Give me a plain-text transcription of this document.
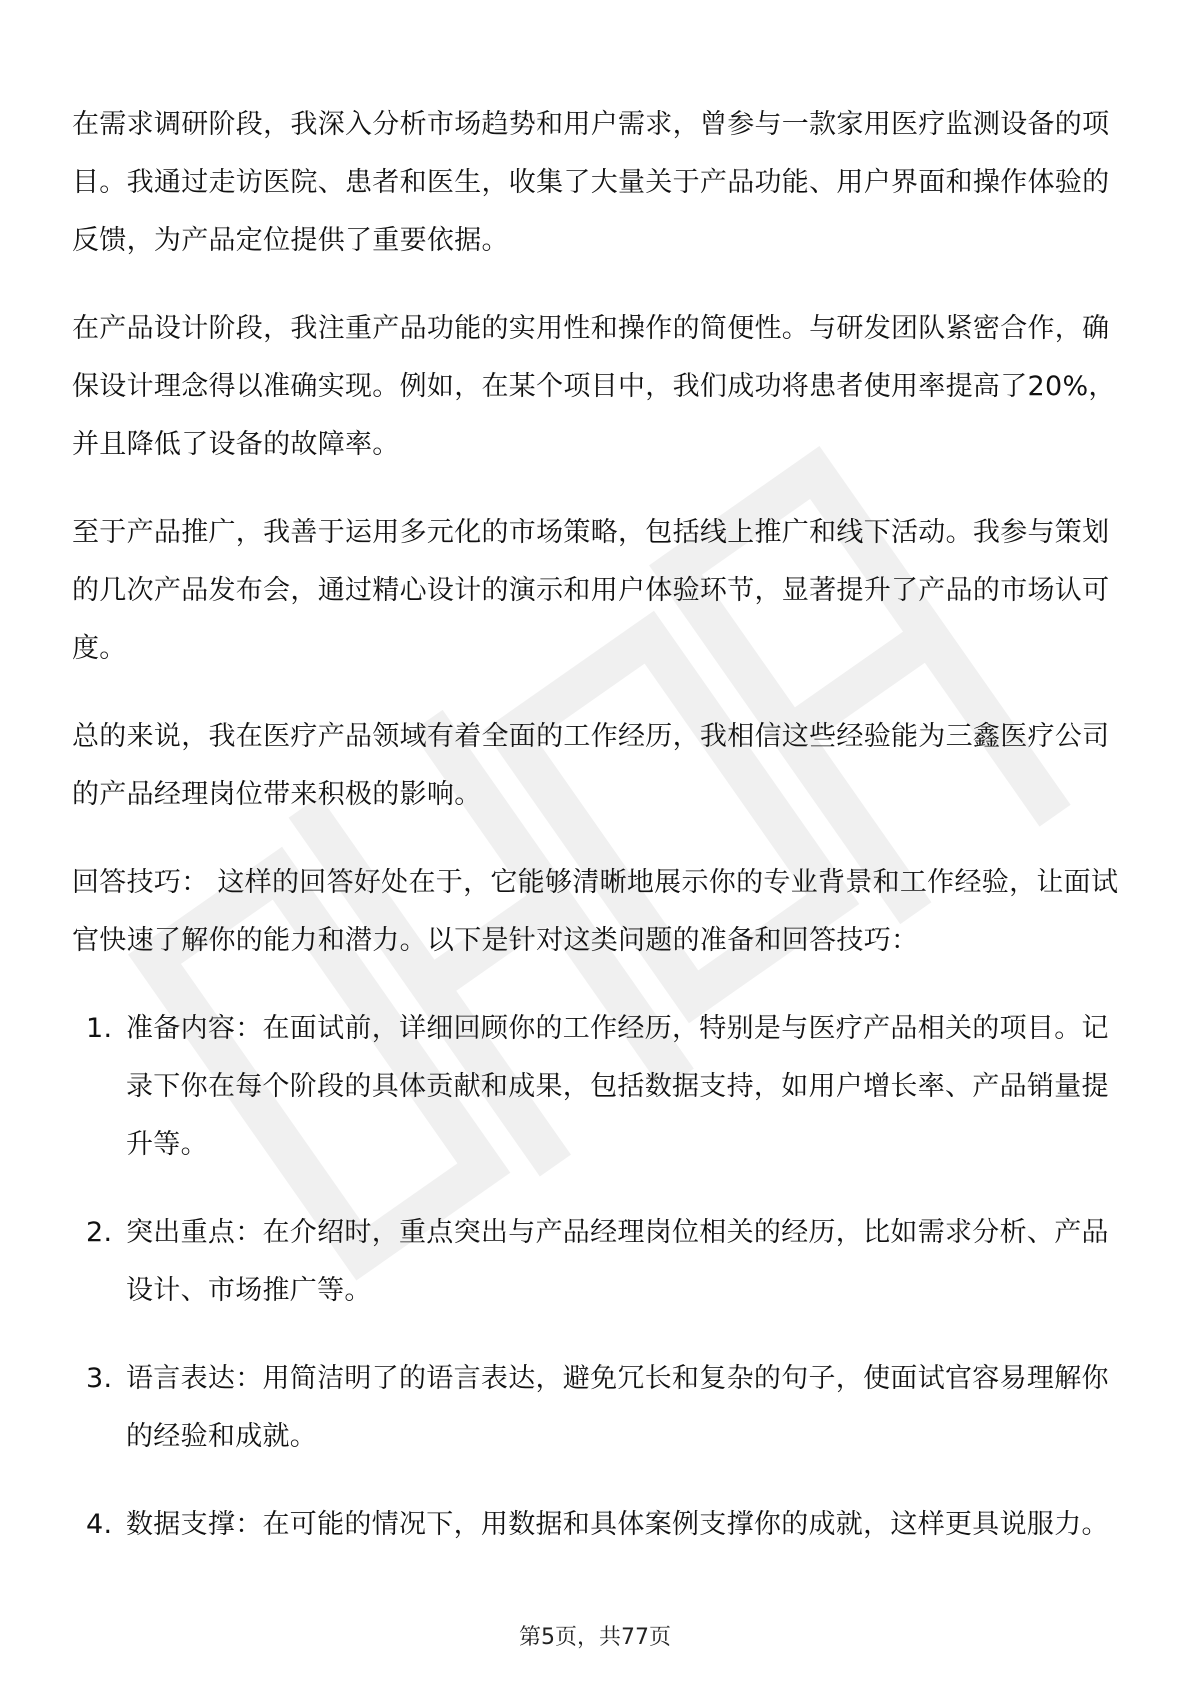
在需求调研阶段，我深入分析市场趋势和用户需求，曾参与一款家用医疗监测设备的项目。我通过走访医院、患者和医生，收集了大量关于产品功能、用户界面和操作体验的反馈，为产品定位提供了重要依据。

在产品设计阶段，我注重产品功能的实用性和操作的简便性。与研发团队紧密合作，确保设计理念得以准确实现。例如，在某个项目中，我们成功将患者使用率提高了20%，并且降低了设备的故障率。

至于产品推广，我善于运用多元化的市场策略，包括线上推广和线下活动。我参与策划的几次产品发布会，通过精心设计的演示和用户体验环节，显著提升了产品的市场认可度。

总的来说，我在医疗产品领域有着全面的工作经历，我相信这些经验能为三鑫医疗公司的产品经理岗位带来积极的影响。

回答技巧： 这样的回答好处在于，它能够清晰地展示你的专业背景和工作经验，让面试官快速了解你的能力和潜力。以下是针对这类问题的准备和回答技巧：

1. 准备内容：在面试前，详细回顾你的工作经历，特别是与医疗产品相关的项目。记录下你在每个阶段的具体贡献和成果，包括数据支持，如用户增长率、产品销量提升等。
2. 突出重点：在介绍时，重点突出与产品经理岗位相关的经历，比如需求分析、产品设计、市场推广等。
3. 语言表达：用简洁明了的语言表达，避免冗长和复杂的句子，使面试官容易理解你的经验和成就。
4. 数据支撑：在可能的情况下，用数据和具体案例支撑你的成就，这样更具说服力。
第5页，共77页
